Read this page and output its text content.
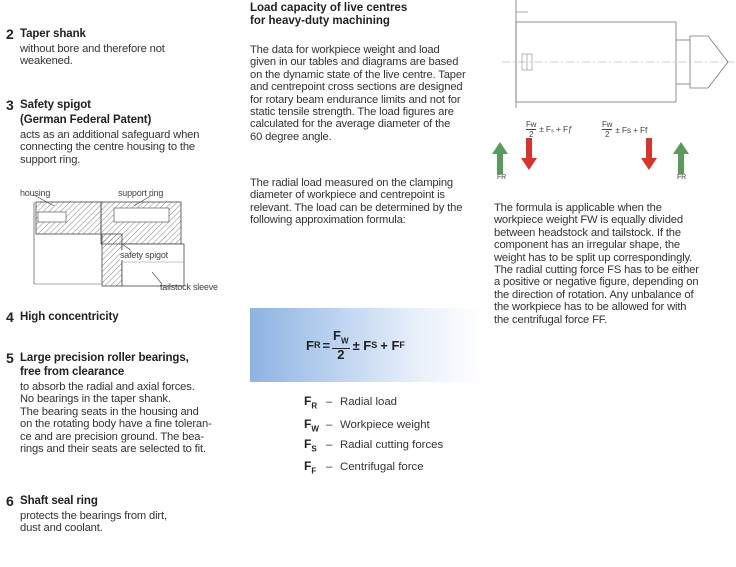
2 Taper shank
without bore and therefore not
weakened.
3 Safety spigot
(German Federal Patent)
acts as an additional safeguard when
connecting the centre housing to the
support ring.
housing	support ring
safety spigot
tailstock sleeve
4 High concentricity
5 Large precision roller bearings,
free from clearance
to absorb the radial and axial forces.
No bearings in the taper shank.
The bearing seats in the housing and
on the rotating body have a fine toleran-
ce and are precision ground. The bea-
rings and their seats are selected to fit.
6 Shaft seal ring
protects the bearings from dirt,
dust and coolant.
Load capacity of live centres
for heavy-duty machining
The data for workpiece weight and load
given in our tables and diagrams are based
on the dynamic state of the live centre. Taper
and centrepoint cross sections are designed
for rotary beam endurance limits and not for
static tensile strength. The load figures are
calculated for the average diameter of the
60 degree angle.
The radial load measured on the clamping
diameter of workpiece and centrepoint is
relevant. The load can be determined by the
following approximation formula:
F $R = \frac{F_W}{2} \pm F$ S + F F
$F_R$ – Radial load
$F_W$ – Workpiece weight
$F_S$ – Radial cutting forces
$F_F$ – Centrifugal force
Fw
2
± Fₛ + Fƒ	Fw
2 ± Fs + Ff
FR	FR
The formula is applicable when the
workpiece weight FW is equally divided
between headstock and tailstock. If the
component has an irregular shape, the
weight has to be split up correspondingly.
The radial cutting force FS has to be either
a positive or negative figure, depending on
the direction of rotation. Any unbalance of
the workpiece has to be allowed for with
the centrifugal force FF.
